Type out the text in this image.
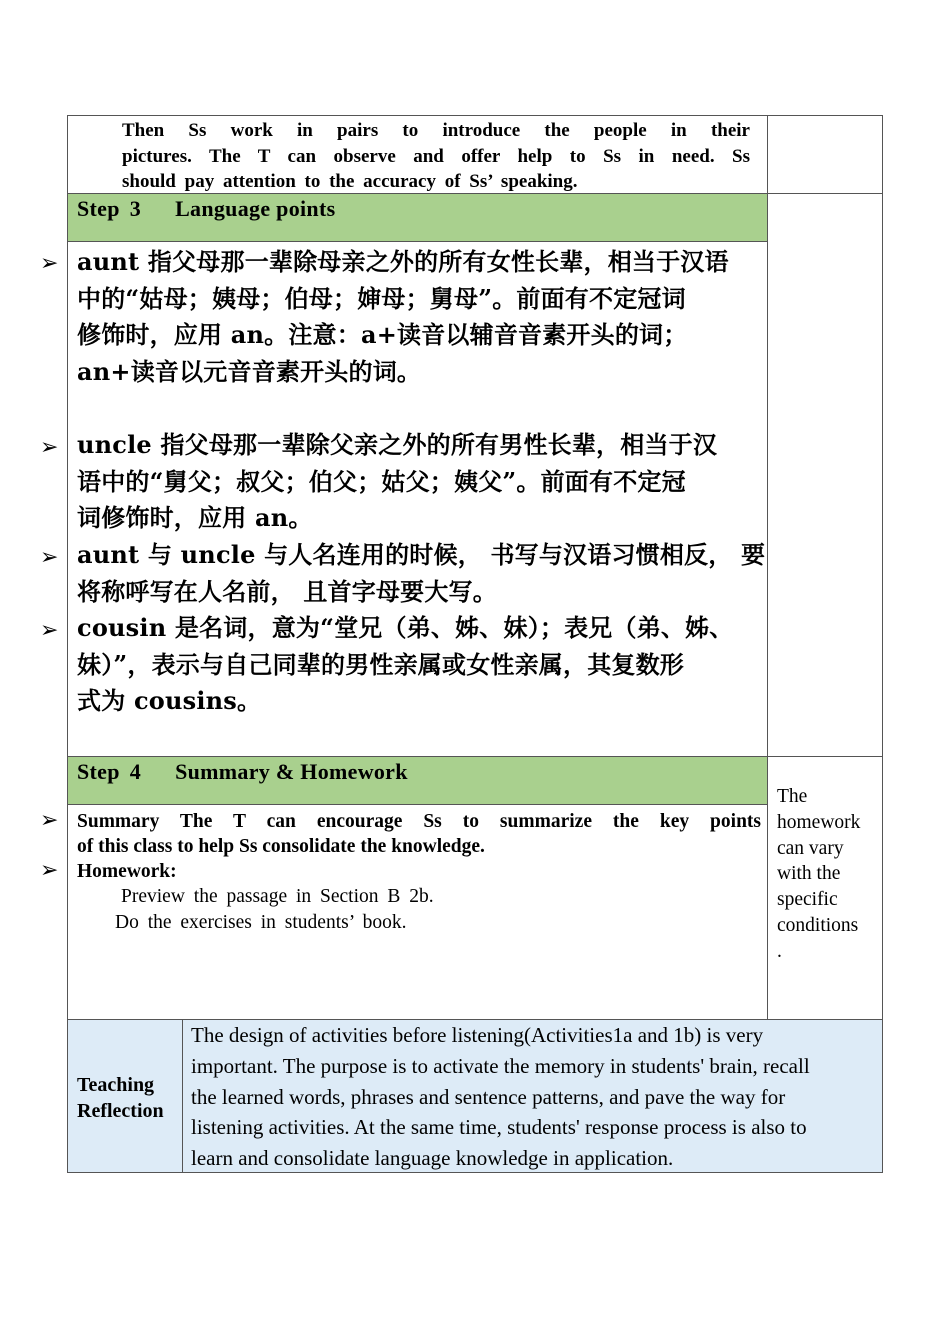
Then Ss work in pairs to introduce the people in their
pictures. The T can observe and offer help to Ss in need. Ss
should pay attention to the accuracy of Ss’ speaking.
Step 3 Language points
➢ aunt 指父母那一辈除母亲之外的所有女性长辈，相当于汉语
中的“姑母；姨母；伯母；婶母；舅母”。前面有不定冠词
修饰时，应用 an。注意：a+读音以辅音音素开头的词；
an+读音以元音音素开头的词。
➢ uncle 指父母那一辈除父亲之外的所有男性长辈，相当于汉
语中的“舅父；叔父；伯父；姑父；姨父”。前面有不定冠
词修饰时，应用 an。
➢ aunt 与 uncle 与人名连用的时候， 书写与汉语习惯相反， 要
将称呼写在人名前， 且首字母要大写。
➢ cousin 是名词，意为“堂兄（弟、姊、妹）；表兄（弟、姊、
妹）”，表示与自己同辈的男性亲属或女性亲属，其复数形
式为 cousins。
Step 4 Summary & Homework
➢
➢
Summary The T can encourage Ss to summarize the key points
of this class to help Ss consolidate the knowledge.
Homework:
Preview the passage in Section B 2b.
Do the exercises in students’ book.
The
homework
can vary
with the
specific
conditions
.
Teaching
Reflection
The design of activities before listening(Activities1a and 1b) is very
important. The purpose is to activate the memory in students' brain, recall
the learned words, phrases and sentence patterns, and pave the way for
listening activities. At the same time, students' response process is also to
learn and consolidate language knowledge in application.
